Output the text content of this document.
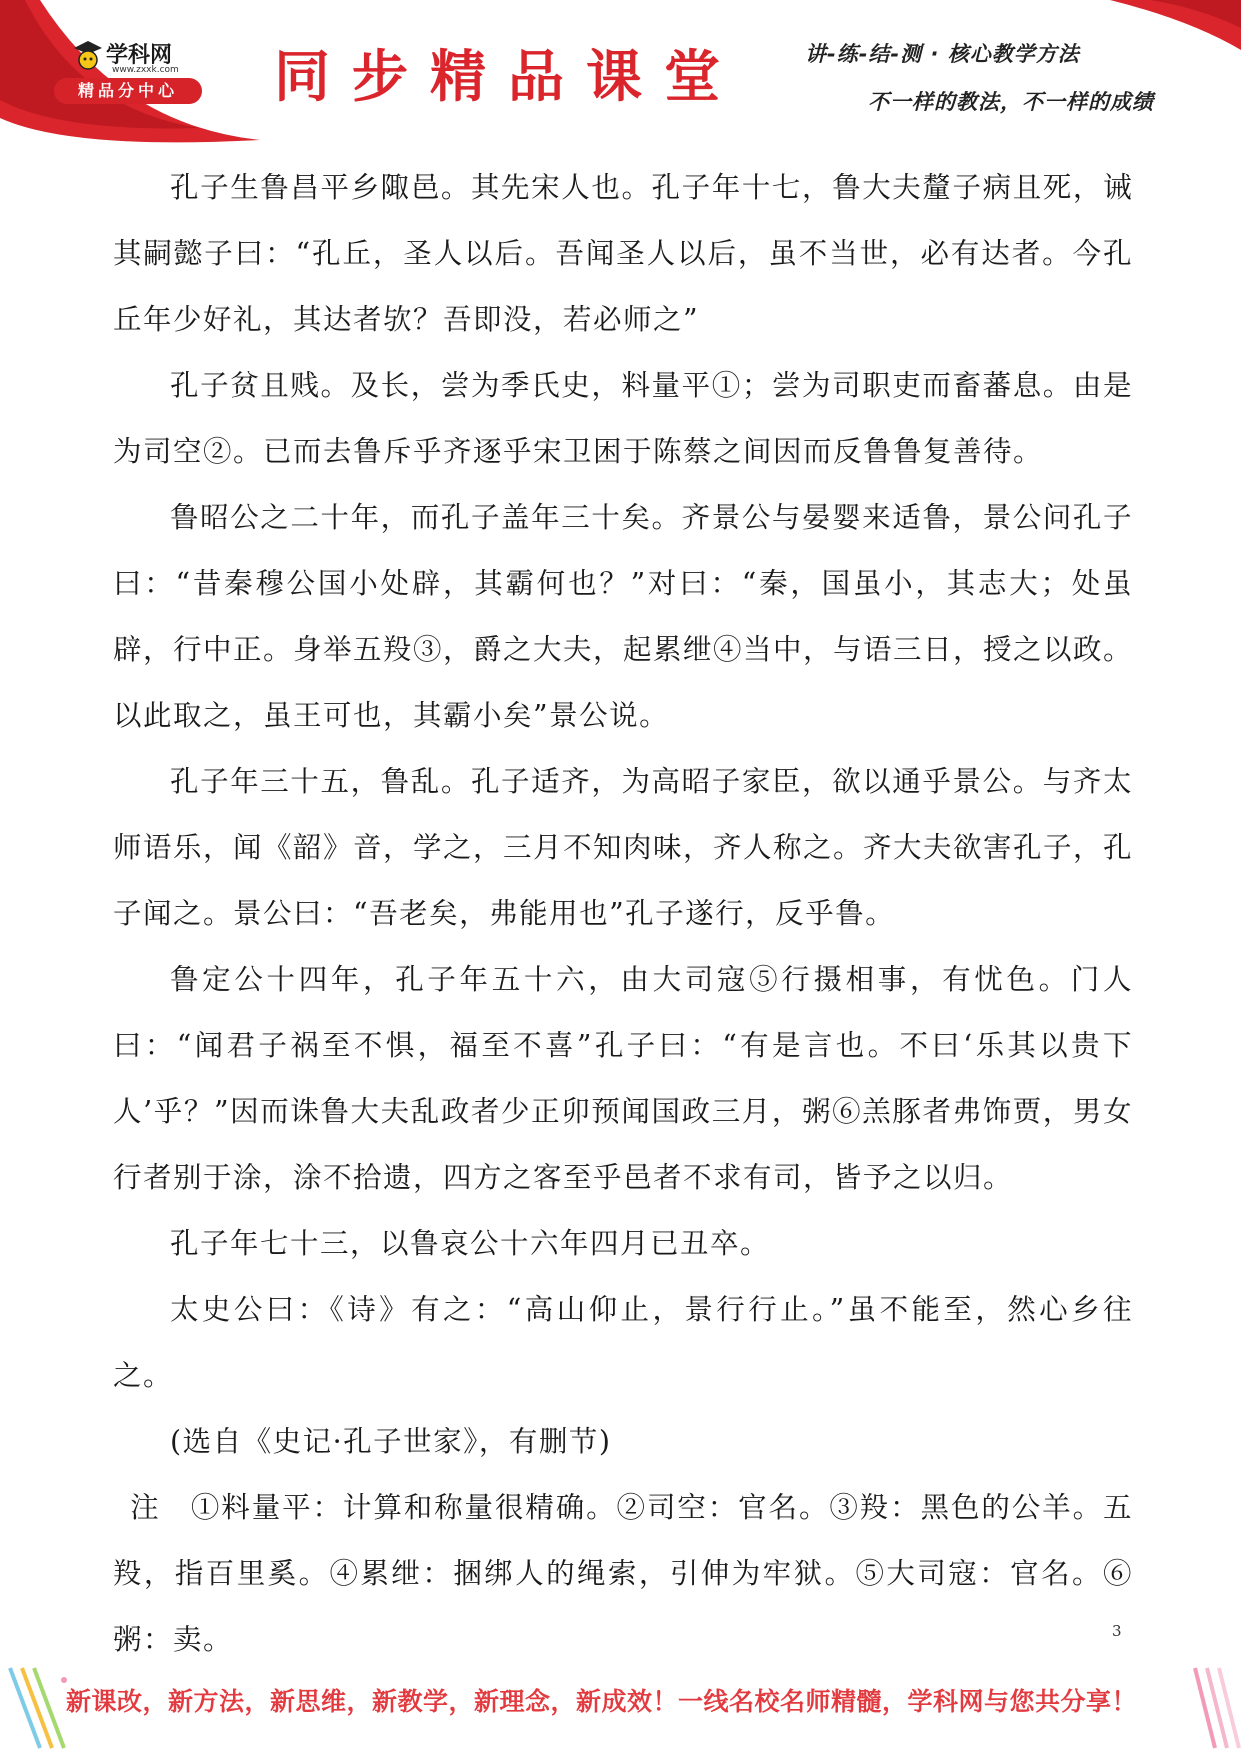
学科网
www.zxxk.com
精品分中心	同步精品课堂	讲-练-结-测 · 核心教学方法
不一样的教法，不一样的成绩

孔子生鲁昌平乡陬邑。其先宋人也。孔子年十七，鲁大夫釐子病且死，诫其嗣懿子曰：“孔丘，圣人以后。吾闻圣人以后，虽不当世，必有达者。今孔丘年少好礼，其达者欤？吾即没，若必师之”

孔子贫且贱。及长，尝为季氏史，料量平①；尝为司职吏而畜蕃息。由是为司空②。已而去鲁斥乎齐逐乎宋卫困于陈蔡之间因而反鲁鲁复善待。

鲁昭公之二十年，而孔子盖年三十矣。齐景公与晏婴来适鲁，景公问孔子曰：“昔秦穆公国小处辟，其霸何也？”对曰：“秦，国虽小，其志大；处虽辟，行中正。身举五羖③，爵之大夫，起累绁④当中，与语三日，授之以政。以此取之，虽王可也，其霸小矣”景公说。

孔子年三十五，鲁乱。孔子适齐，为高昭子家臣，欲以通乎景公。与齐太师语乐，闻《韶》音，学之，三月不知肉味，齐人称之。齐大夫欲害孔子，孔子闻之。景公曰：“吾老矣，弗能用也”孔子遂行，反乎鲁。

鲁定公十四年，孔子年五十六，由大司寇⑤行摄相事，有忧色。门人曰：“闻君子祸至不惧，福至不喜”孔子曰：“有是言也。不曰‘乐其以贵下人’乎？”因而诛鲁大夫乱政者少正卯预闻国政三月，粥⑥羔豚者弗饰贾，男女行者别于涂，涂不拾遗，四方之客至乎邑者不求有司，皆予之以归。

孔子年七十三，以鲁哀公十六年四月已丑卒。

太史公曰：《诗》有之：“高山仰止，景行行止。”虽不能至，然心乡往之。

(选自《史记·孔子世家》，有删节)

注　①料量平：计算和称量很精确。②司空：官名。③羖：黑色的公羊。五羖，指百里奚。④累绁：捆绑人的绳索，引伸为牢狱。⑤大司寇：官名。⑥粥：卖。	3
新课改，新方法，新思维，新教学，新理念，新成效！一线名校名师精髓，学科网与您共分享！
